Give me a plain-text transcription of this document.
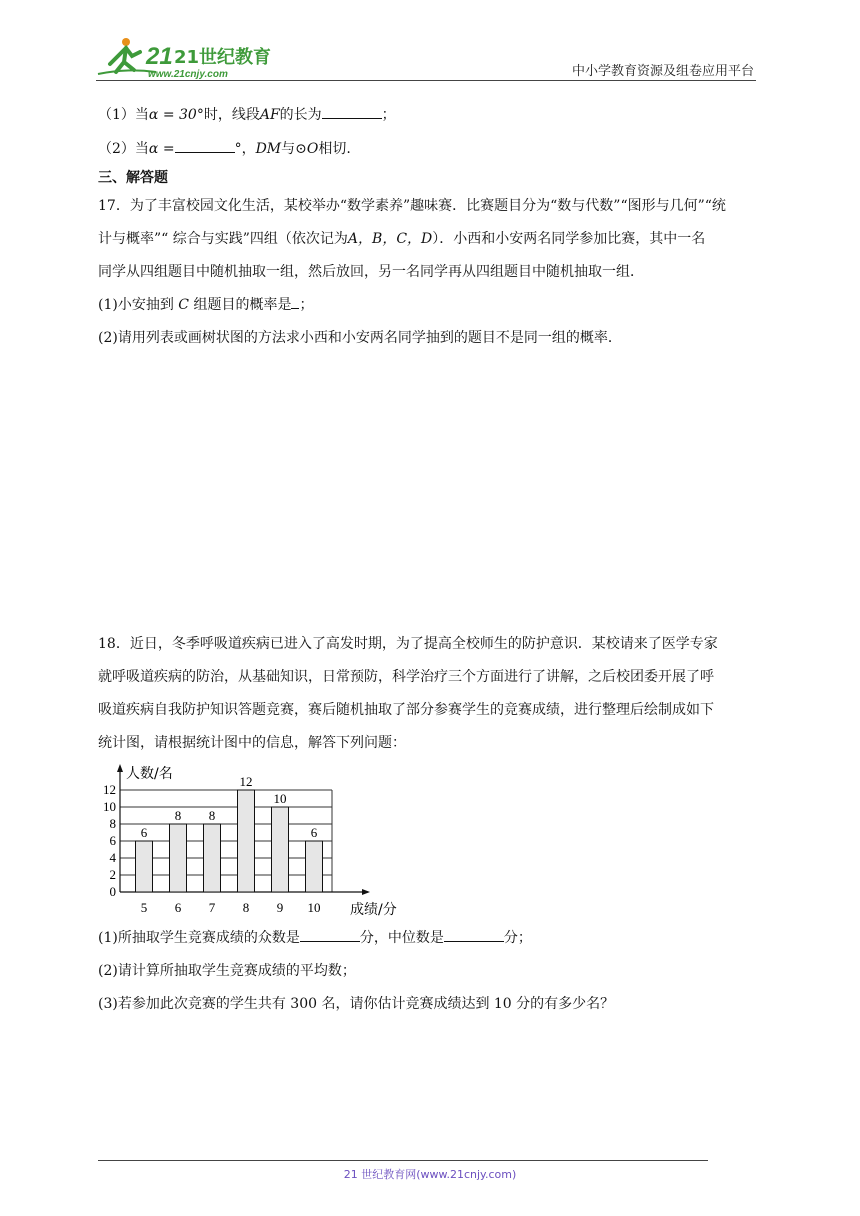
21 21世纪教育
www.21cnjy.com	中小学教育资源及组卷应用平台
（1）当α = 30°时，线段AF的长为	；
（2）当α =	°，DM与⊙O相切.
三、解答题
17．为了丰富校园文化生活，某校举办“数学素养”趣味赛．比赛题目分为“数与代数”“图形与几何”“统
计与概率”“ 综合与实践”四组（依次记为A，B，C，D）．小西和小安两名同学参加比赛，其中一名
同学从四组题目中随机抽取一组，然后放回，另一名同学再从四组题目中随机抽取一组．
(1)小安抽到 C 组题目的概率是 ；
(2)请用列表或画树状图的方法求小西和小安两名同学抽到的题目不是同一组的概率．
18．近日，冬季呼吸道疾病已进入了高发时期，为了提高全校师生的防护意识．某校请来了医学专家
就呼吸道疾病的防治，从基础知识，日常预防，科学治疗三个方面进行了讲解，之后校团委开展了呼
吸道疾病自我防护知识答题竞赛，赛后随机抽取了部分参赛学生的竞赛成绩，进行整理后绘制成如下
统计图，请根据统计图中的信息，解答下列问题：
0
2
4
6
8
10
12
人数/名
成绩/分
6
5
8
6
8
7
12
8
10
9
6
10
(1)所抽取学生竞赛成绩的众数是	分，中位数是	分；
(2)请计算所抽取学生竞赛成绩的平均数；
(3)若参加此次竞赛的学生共有 300 名，请你估计竞赛成绩达到 10 分的有多少名？
21 世纪教育网(www.21cnjy.com)
